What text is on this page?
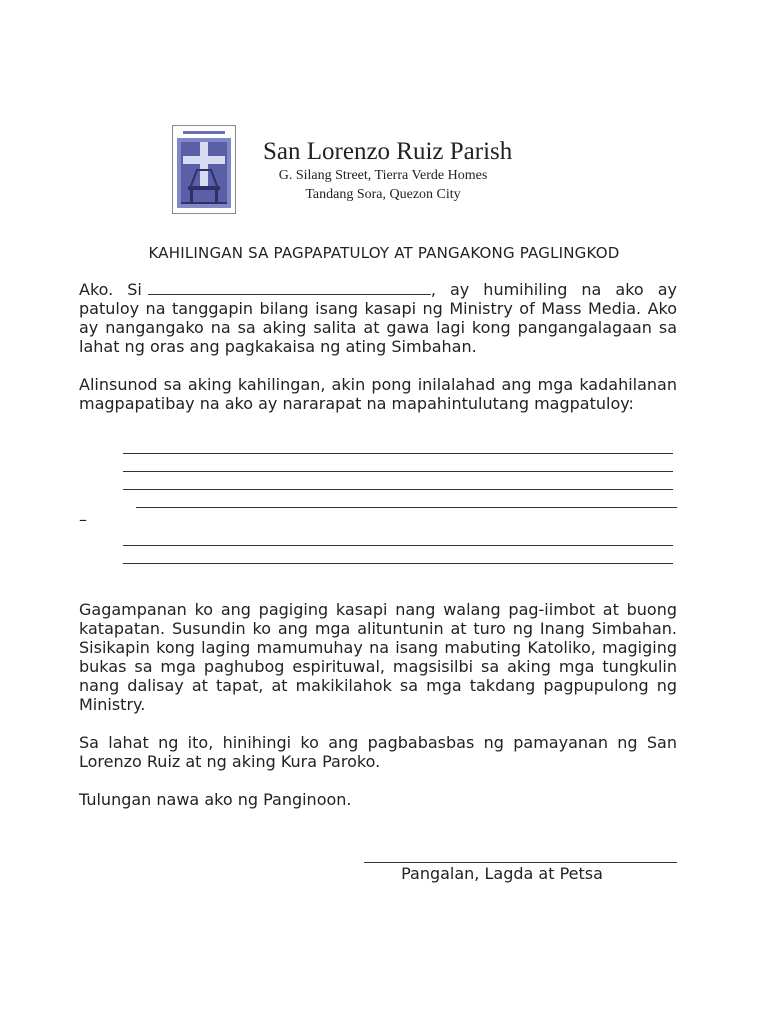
San Lorenzo Ruiz Parish
G. Silang Street, Tierra Verde Homes
Tandang Sora, Quezon City
KAHILINGAN SA PAGPAPATULOY AT PANGAKONG PAGLINGKOD
Ako. Si	, ay humihiling na ako ay patuloy na tanggapin bilang isang kasapi ng Ministry of Mass Media. Ako ay nangangako na sa aking salita at gawa lagi kong pangangalagaan sa lahat ng oras ang pagkakaisa ng ating Simbahan.
Alinsunod sa aking kahilingan, akin pong inilalahad ang mga kadahilanan magpapatibay na ako ay nararapat na mapahintulutang magpatuloy:
–
Gagampanan ko ang pagiging kasapi nang walang pag-iimbot at buong katapatan. Susundin ko ang mga alituntunin at turo ng Inang Simbahan. Sisikapin kong laging mamumuhay na isang mabuting Katoliko, magiging bukas sa mga paghubog espirituwal, magsisilbi sa aking mga tungkulin nang dalisay at tapat, at makikilahok sa mga takdang pagpupulong ng Ministry.
Sa lahat ng ito, hinihingi ko ang pagbabasbas ng pamayanan ng San Lorenzo Ruiz at ng aking Kura Paroko.
Tulungan nawa ako ng Panginoon.
Pangalan, Lagda at Petsa
